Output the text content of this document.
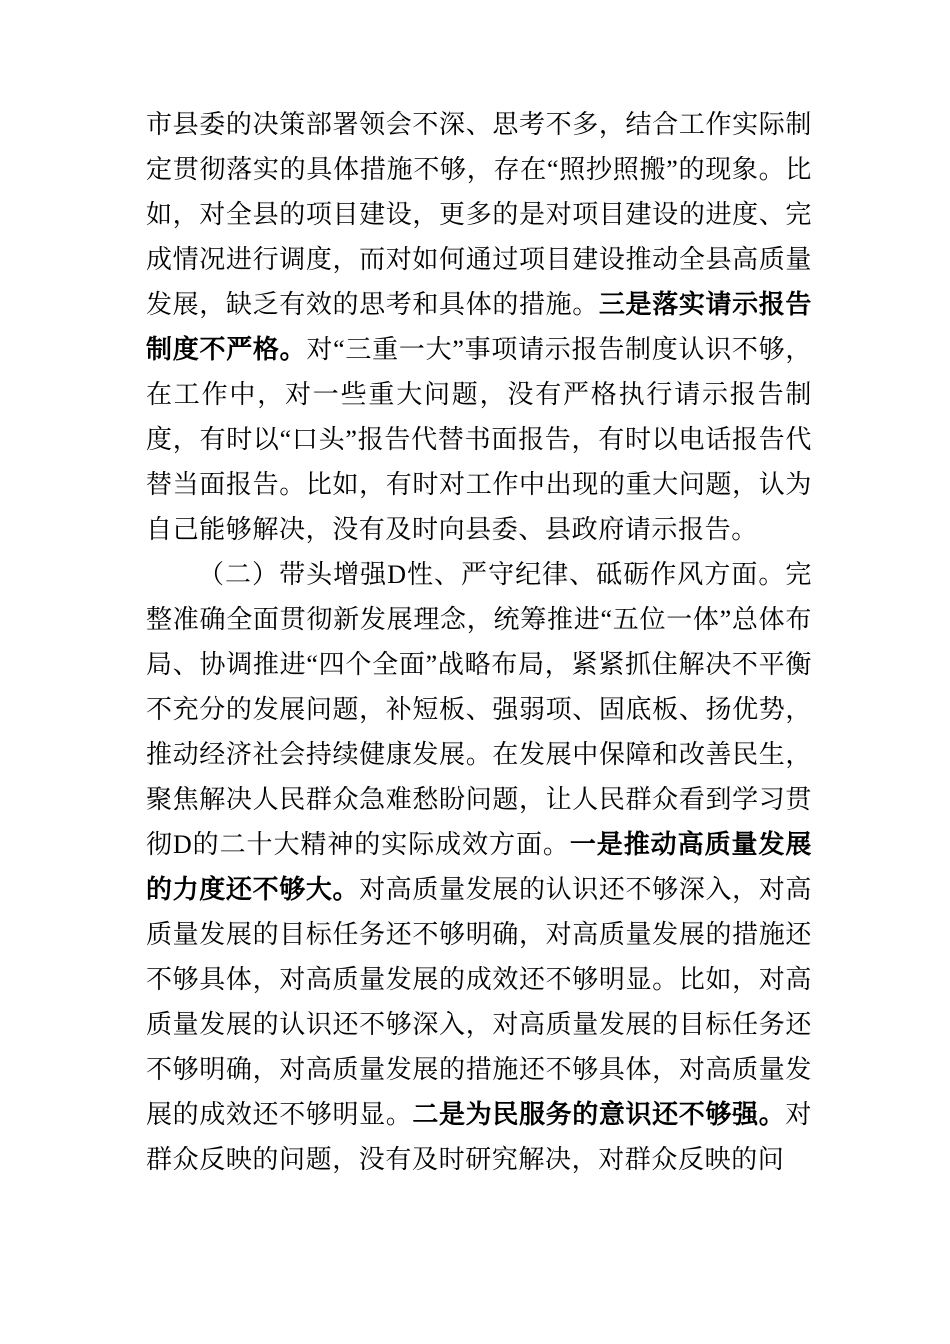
市县委的决策部署领会不深、思考不多，结合工作实际制定贯彻落实的具体措施不够，存在“照抄照搬”的现象。比如，对全县的项目建设，更多的是对项目建设的进度、完成情况进行调度，而对如何通过项目建设推动全县高质量发展，缺乏有效的思考和具体的措施。三是落实请示报告制度不严格。对“三重一大”事项请示报告制度认识不够，在工作中，对一些重大问题，没有严格执行请示报告制度，有时以“口头”报告代替书面报告，有时以电话报告代替当面报告。比如，有时对工作中出现的重大问题，认为自己能够解决，没有及时向县委、县政府请示报告。

（二）带头增强D性、严守纪律、砥砺作风方面。完整准确全面贯彻新发展理念，统筹推进“五位一体”总体布局、协调推进“四个全面”战略布局，紧紧抓住解决不平衡不充分的发展问题，补短板、强弱项、固底板、扬优势，推动经济社会持续健康发展。在发展中保障和改善民生，聚焦解决人民群众急难愁盼问题，让人民群众看到学习贯彻D的二十大精神的实际成效方面。一是推动高质量发展的力度还不够大。对高质量发展的认识还不够深入，对高质量发展的目标任务还不够明确，对高质量发展的措施还不够具体，对高质量发展的成效还不够明显。比如，对高质量发展的认识还不够深入，对高质量发展的目标任务还不够明确，对高质量发展的措施还不够具体，对高质量发展的成效还不够明显。二是为民服务的意识还不够强。对群众反映的问题，没有及时研究解决，对群众反映的问
